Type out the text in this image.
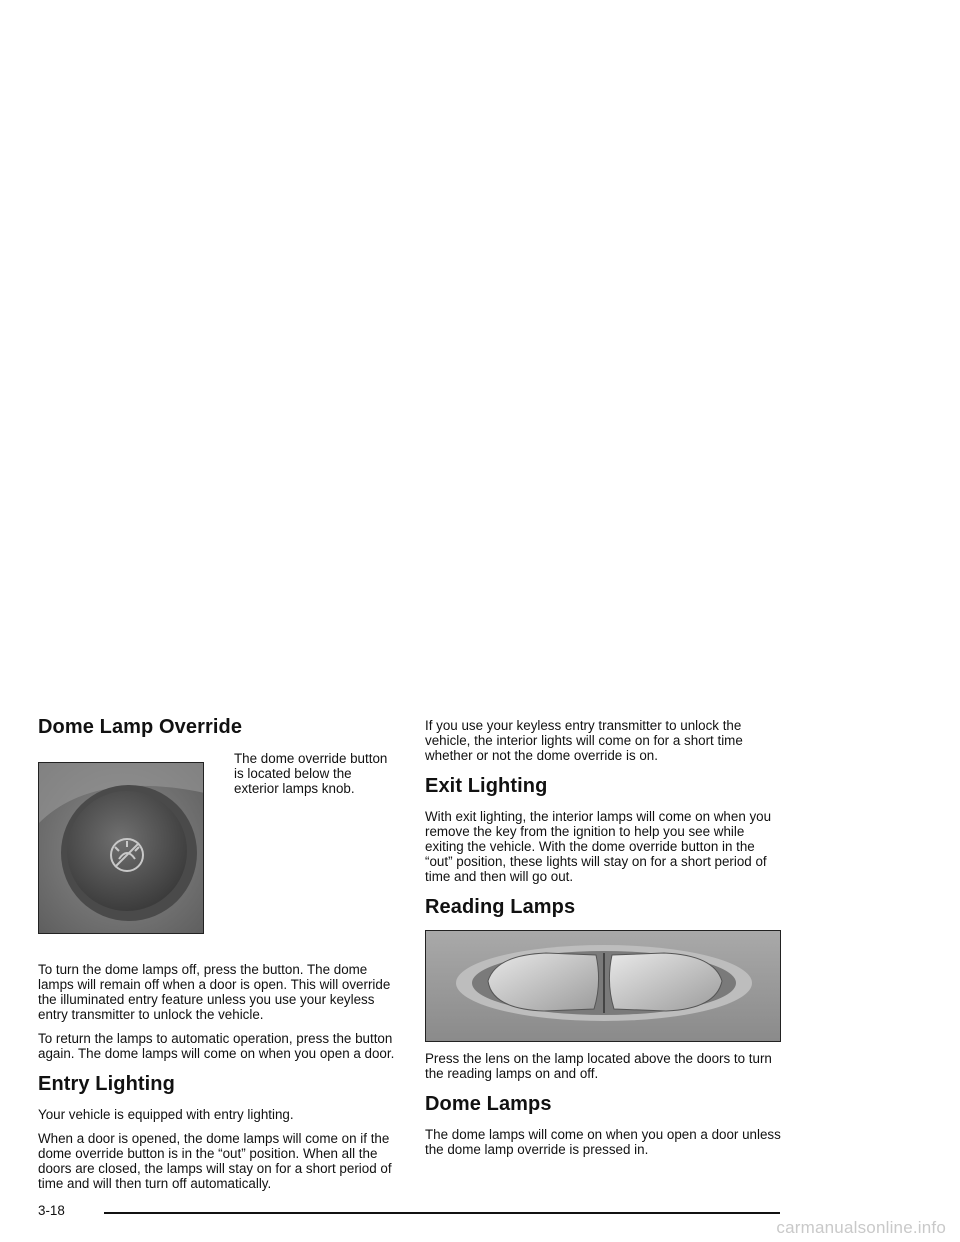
Dome Lamp Override

The dome override button is located below the exterior lamps knob.

To turn the dome lamps off, press the button. The dome lamps will remain off when a door is open. This will override the illuminated entry feature unless you use your keyless entry transmitter to unlock the vehicle.

To return the lamps to automatic operation, press the button again. The dome lamps will come on when you open a door.

Entry Lighting

Your vehicle is equipped with entry lighting.

When a door is opened, the dome lamps will come on if the dome override button is in the “out” position. When all the doors are closed, the lamps will stay on for a short period of time and will then turn off automatically.

If you use your keyless entry transmitter to unlock the vehicle, the interior lights will come on for a short time whether or not the dome override is on.

Exit Lighting

With exit lighting, the interior lamps will come on when you remove the key from the ignition to help you see while exiting the vehicle. With the dome override button in the “out” position, these lights will stay on for a short period of time and then will go out.

Reading Lamps

Press the lens on the lamp located above the doors to turn the reading lamps on and off.

Dome Lamps

The dome lamps will come on when you open a door unless the dome lamp override is pressed in.

3-18
carmanualsonline.info
